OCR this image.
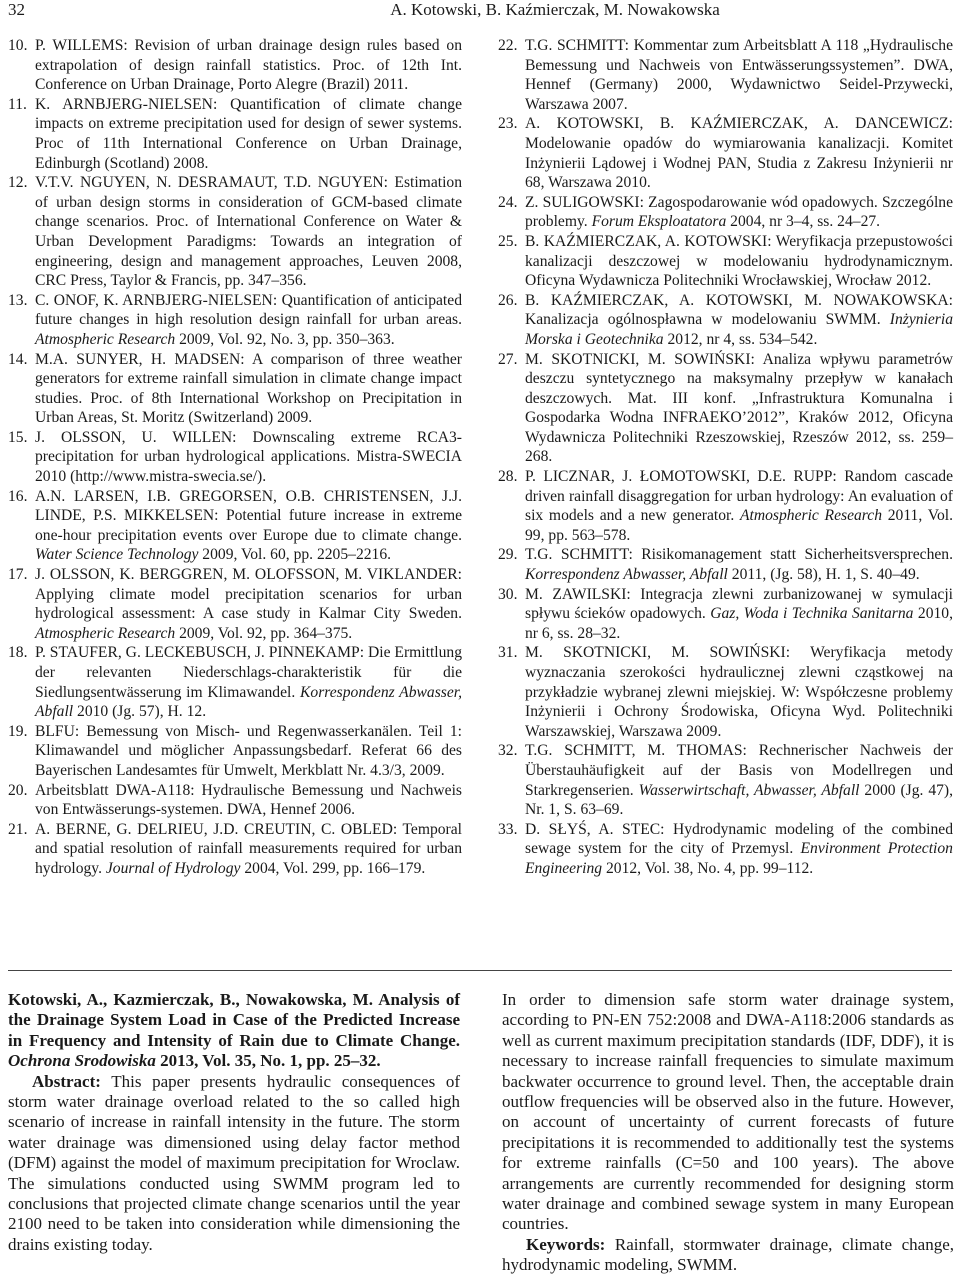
32	A. Kotowski, B. Kaźmierczak, M. Nowakowska
10. P. WILLEMS: Revision of urban drainage design rules based on extrapolation of design rainfall statistics. Proc. of 12th Int. Conference on Urban Drainage, Porto Alegre (Brazil) 2011.
11. K. ARNBJERG-NIELSEN: Quantification of climate change impacts on extreme precipitation used for design of sewer systems. Proc of 11th International Conference on Urban Drainage, Edinburgh (Scotland) 2008.
12. V.T.V. NGUYEN, N. DESRAMAUT, T.D. NGUYEN: Estimation of urban design storms in consideration of GCM-based climate change scenarios. Proc. of International Conference on Water & Urban Development Paradigms: Towards an integration of engineering, design and management approaches, Leuven 2008, CRC Press, Taylor & Francis, pp. 347–356.
13. C. ONOF, K. ARNBJERG-NIELSEN: Quantification of anticipated future changes in high resolution design rainfall for urban areas. Atmospheric Research 2009, Vol. 92, No. 3, pp. 350–363.
14. M.A. SUNYER, H. MADSEN: A comparison of three weather generators for extreme rainfall simulation in climate change impact studies. Proc. of 8th International Workshop on Precipitation in Urban Areas, St. Moritz (Switzerland) 2009.
15. J. OLSSON, U. WILLEN: Downscaling extreme RCA3-precipitation for urban hydrological applications. Mistra-SWECIA 2010 (http://www.mistra-swecia.se/).
16. A.N. LARSEN, I.B. GREGORSEN, O.B. CHRISTENSEN, J.J. LINDE, P.S. MIKKELSEN: Potential future increase in extreme one-hour precipitation events over Europe due to climate change. Water Science Technology 2009, Vol. 60, pp. 2205–2216.
17. J. OLSSON, K. BERGGREN, M. OLOFSSON, M. VIKLANDER: Applying climate model precipitation scenarios for urban hydrological assessment: A case study in Kalmar City Sweden. Atmospheric Research 2009, Vol. 92, pp. 364–375.
18. P. STAUFER, G. LECKEBUSCH, J. PINNEKAMP: Die Ermittlung der relevanten Niederschlags-charakteristik für die Siedlungsentwässerung im Klimawandel. Korrespondenz Abwasser, Abfall 2010 (Jg. 57), H. 12.
19. BLFU: Bemessung von Misch- und Regenwasserkanälen. Teil 1: Klimawandel und möglicher Anpassungsbedarf. Referat 66 des Bayerischen Landesamtes für Umwelt, Merkblatt Nr. 4.3/3, 2009.
20. Arbeitsblatt DWA-A118: Hydraulische Bemessung und Nachweis von Entwässerungs-systemen. DWA, Hennef 2006.
21. A. BERNE, G. DELRIEU, J.D. CREUTIN, C. OBLED: Temporal and spatial resolution of rainfall measurements required for urban hydrology. Journal of Hydrology 2004, Vol. 299, pp. 166–179.
22. T.G. SCHMITT: Kommentar zum Arbeitsblatt A 118 „Hydraulische Bemessung und Nachweis von Entwässerungssystemen”. DWA, Hennef (Germany) 2000, Wydawnictwo Seidel-Przywecki, Warszawa 2007.
23. A. KOTOWSKI, B. KAŹMIERCZAK, A. DANCEWICZ: Modelowanie opadów do wymiarowania kanalizacji. Komitet Inżynierii Lądowej i Wodnej PAN, Studia z Zakresu Inżynierii nr 68, Warszawa 2010.
24. Z. SULIGOWSKI: Zagospodarowanie wód opadowych. Szczególne problemy. Forum Eksploatatora 2004, nr 3–4, ss. 24–27.
25. B. KAŹMIERCZAK, A. KOTOWSKI: Weryfikacja przepustowości kanalizacji deszczowej w modelowaniu hydrodynamicznym. Oficyna Wydawnicza Politechniki Wrocławskiej, Wrocław 2012.
26. B. KAŹMIERCZAK, A. KOTOWSKI, M. NOWAKOWSKA: Kanalizacja ogólnospławna w modelowaniu SWMM. Inżynieria Morska i Geotechnika 2012, nr 4, ss. 534–542.
27. M. SKOTNICKI, M. SOWIŃSKI: Analiza wpływu parametrów deszczu syntetycznego na maksymalny przepływ w kanałach deszczowych. Mat. III konf. „Infrastruktura Komunalna i Gospodarka Wodna INFRAEKO’2012”, Kraków 2012, Oficyna Wydawnicza Politechniki Rzeszowskiej, Rzeszów 2012, ss. 259–268.
28. P. LICZNAR, J. ŁOMOTOWSKI, D.E. RUPP: Random cascade driven rainfall disaggregation for urban hydrology: An evaluation of six models and a new generator. Atmospheric Research 2011, Vol. 99, pp. 563–578.
29. T.G. SCHMITT: Risikomanagement statt Sicherheitsversprechen. Korrespondenz Abwasser, Abfall 2011, (Jg. 58), H. 1, S. 40–49.
30. M. ZAWILSKI: Integracja zlewni zurbanizowanej w symulacji spływu ścieków opadowych. Gaz, Woda i Technika Sanitarna 2010, nr 6, ss. 28–32.
31. M. SKOTNICKI, M. SOWIŃSKI: Weryfikacja metody wyznaczania szerokości hydraulicznej zlewni cząstkowej na przykładzie wybranej zlewni miejskiej. W: Współczesne problemy Inżynierii i Ochrony Środowiska, Oficyna Wyd. Politechniki Warszawskiej, Warszawa 2009.
32. T.G. SCHMITT, M. THOMAS: Rechnerischer Nachweis der Überstauhäufigkeit auf der Basis von Modellregen und Starkregenserien. Wasserwirtschaft, Abwasser, Abfall 2000 (Jg. 47), Nr. 1, S. 63–69.
33. D. SŁYŚ, A. STEC: Hydrodynamic modeling of the combined sewage system for the city of Przemysl. Environment Protection Engineering 2012, Vol. 38, No. 4, pp. 99–112.

Kotowski, A., Kazmierczak, B., Nowakowska, M. Analysis of the Drainage System Load in Case of the Predicted Increase in Frequency and Intensity of Rain due to Climate Change. Ochrona Srodowiska 2013, Vol. 35, No. 1, pp. 25–32.

Abstract: This paper presents hydraulic consequences of storm water drainage overload related to the so called high scenario of increase in rainfall intensity in the future. The storm water drainage was dimensioned using delay factor method (DFM) against the model of maximum precipitation for Wroclaw. The simulations conducted using SWMM program led to conclusions that projected climate change scenarios until the year 2100 need to be taken into consideration while dimensioning the drains existing today.

In order to dimension safe storm water drainage system, according to PN-EN 752:2008 and DWA-A118:2006 standards as well as current maximum precipitation standards (IDF, DDF), it is necessary to increase rainfall frequencies to simulate maximum backwater occurrence to ground level. Then, the acceptable drain outflow frequencies will be observed also in the future. However, on account of uncertainty of current forecasts of future precipitations it is recommended to additionally test the systems for extreme rainfalls (C=50 and 100 years). The above arrangements are currently recommended for designing storm water drainage and combined sewage system in many European countries.

Keywords: Rainfall, stormwater drainage, climate change, hydrodynamic modeling, SWMM.
